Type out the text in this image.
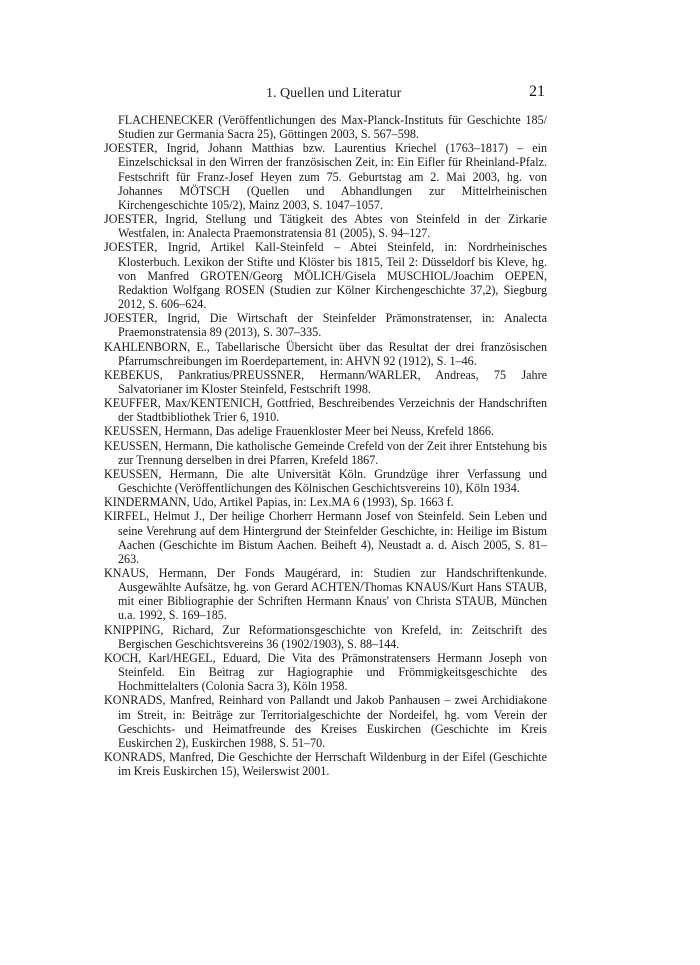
1. Quellen und Literatur	21

FLACHENECKER (Veröffentlichungen des Max-Planck-Instituts für Geschichte 185/ Studien zur Germania Sacra 25), Göttingen 2003, S. 567–598.

JOESTER, Ingrid, Johann Matthias bzw. Laurentius Kriechel (1763–1817) – ein Einzelschicksal in den Wirren der französischen Zeit, in: Ein Eifler für Rheinland-Pfalz. Festschrift für Franz-Josef Heyen zum 75. Geburtstag am 2. Mai 2003, hg. von Johannes MÖTSCH (Quellen und Abhandlungen zur Mittelrheinischen Kirchengeschichte 105/2), Mainz 2003, S. 1047–1057.

JOESTER, Ingrid, Stellung und Tätigkeit des Abtes von Steinfeld in der Zirkarie Westfalen, in: Analecta Praemonstratensia 81 (2005), S. 94–127.

JOESTER, Ingrid, Artikel Kall-Steinfeld – Abtei Steinfeld, in: Nordrheinisches Klosterbuch. Lexikon der Stifte und Klöster bis 1815, Teil 2: Düsseldorf bis Kleve, hg. von Manfred GROTEN/Georg MÖLICH/Gisela MUSCHIOL/Joachim OEPEN, Redaktion Wolfgang ROSEN (Studien zur Kölner Kirchengeschichte 37,2), Siegburg 2012, S. 606–624.

JOESTER, Ingrid, Die Wirtschaft der Steinfelder Prämonstratenser, in: Analecta Praemonstratensia 89 (2013), S. 307–335.

KAHLENBORN, E., Tabellarische Übersicht über das Resultat der drei französischen Pfarrumschreibungen im Roerdepartement, in: AHVN 92 (1912), S. 1–46.

KEBEKUS, Pankratius/PREUSSNER, Hermann/WARLER, Andreas, 75 Jahre Salvatorianer im Kloster Steinfeld, Festschrift 1998.

KEUFFER, Max/KENTENICH, Gottfried, Beschreibendes Verzeichnis der Handschriften der Stadtbibliothek Trier 6, 1910.

KEUSSEN, Hermann, Das adelige Frauenkloster Meer bei Neuss, Krefeld 1866.

KEUSSEN, Hermann, Die katholische Gemeinde Crefeld von der Zeit ihrer Entstehung bis zur Trennung derselben in drei Pfarren, Krefeld 1867.

KEUSSEN, Hermann, Die alte Universität Köln. Grundzüge ihrer Verfassung und Geschichte (Veröffentlichungen des Kölnischen Geschichtsvereins 10), Köln 1934.

KINDERMANN, Udo, Artikel Papias, in: Lex.MA 6 (1993), Sp. 1663 f.

KIRFEL, Helmut J., Der heilige Chorherr Hermann Josef von Steinfeld. Sein Leben und seine Verehrung auf dem Hintergrund der Steinfelder Geschichte, in: Heilige im Bistum Aachen (Geschichte im Bistum Aachen. Beiheft 4), Neustadt a. d. Aisch 2005, S. 81–263.

KNAUS, Hermann, Der Fonds Maugérard, in: Studien zur Handschriftenkunde. Ausgewählte Aufsätze, hg. von Gerard ACHTEN/Thomas KNAUS/Kurt Hans STAUB, mit einer Bibliographie der Schriften Hermann Knaus' von Christa STAUB, München u.a. 1992, S. 169–185.

KNIPPING, Richard, Zur Reformationsgeschichte von Krefeld, in: Zeitschrift des Bergischen Geschichtsvereins 36 (1902/1903), S. 88–144.

KOCH, Karl/HEGEL, Eduard, Die Vita des Prämonstratensers Hermann Joseph von Steinfeld. Ein Beitrag zur Hagiographie und Frömmigkeitsgeschichte des Hochmittelalters (Colonia Sacra 3), Köln 1958.

KONRADS, Manfred, Reinhard von Pallandt und Jakob Panhausen – zwei Archidiakone im Streit, in: Beiträge zur Territorialgeschichte der Nordeifel, hg. vom Verein der Geschichts- und Heimatfreunde des Kreises Euskirchen (Geschichte im Kreis Euskirchen 2), Euskirchen 1988, S. 51–70.

KONRADS, Manfred, Die Geschichte der Herrschaft Wildenburg in der Eifel (Geschichte im Kreis Euskirchen 15), Weilerswist 2001.
